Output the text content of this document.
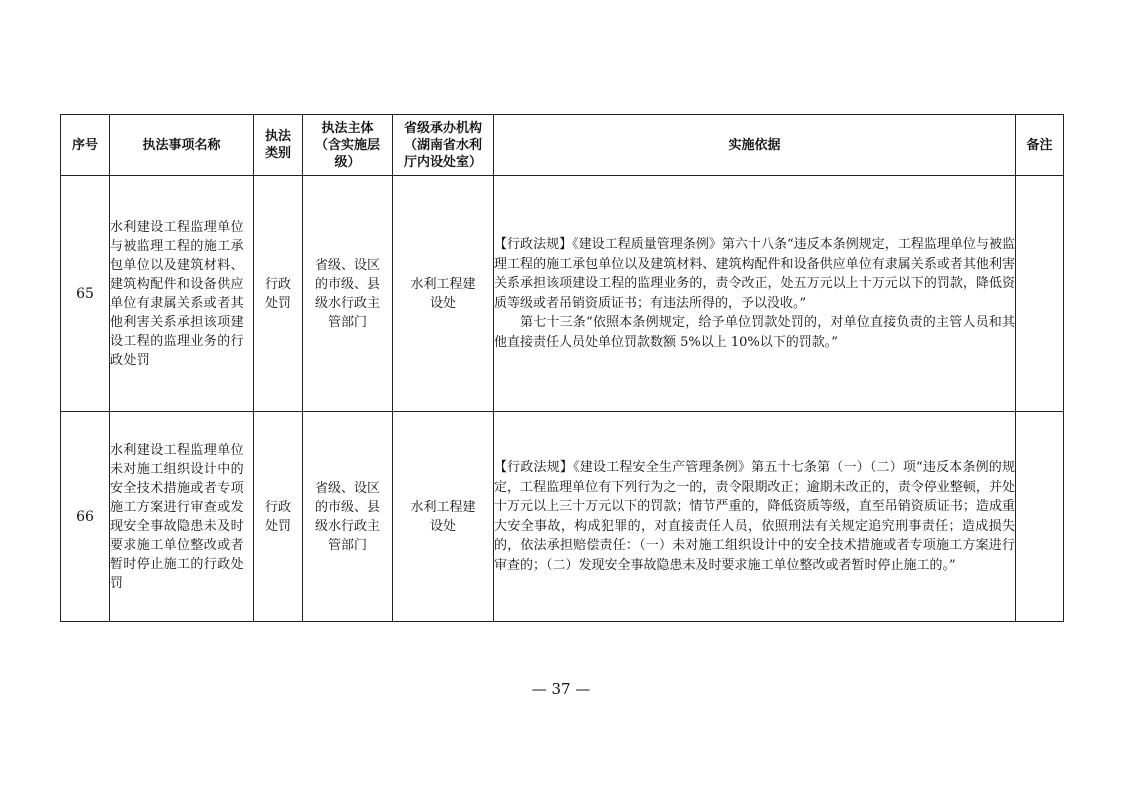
序号	执法事项名称	执法类别	执法主体（含实施层级）	省级承办机构（湖南省水利厅内设处室）	实施依据	备注
65	水利建设工程监理单位与被监理工程的施工承包单位以及建筑材料、建筑构配件和设备供应单位有隶属关系或者其他利害关系承担该项建设工程的监理业务的行政处罚	行政处罚	省级、设区的市级、县级水行政主管部门	水利工程建设处	【行政法规】《建设工程质量管理条例》第六十八条“违反本条例规定，工程监理单位与被监理工程的施工承包单位以及建筑材料、建筑构配件和设备供应单位有隶属关系或者其他利害关系承担该项建设工程的监理业务的，责令改正，处五万元以上十万元以下的罚款，降低资质等级或者吊销资质证书；有违法所得的，予以没收。”

第七十三条“依照本条例规定，给予单位罚款处罚的，对单位直接负责的主管人员和其他直接责任人员处单位罚款数额 5%以上 10%以下的罚款。”	

66	水利建设工程监理单位未对施工组织设计中的安全技术措施或者专项施工方案进行审查或发现安全事故隐患未及时要求施工单位整改或者暂时停止施工的行政处罚	行政处罚	省级、设区的市级、县级水行政主管部门	水利工程建设处	【行政法规】《建设工程安全生产管理条例》第五十七条第（一）（二）项“违反本条例的规定，工程监理单位有下列行为之一的，责令限期改正；逾期未改正的，责令停业整顿，并处十万元以上三十万元以下的罚款；情节严重的，降低资质等级，直至吊销资质证书；造成重大安全事故，构成犯罪的，对直接责任人员，依照刑法有关规定追究刑事责任；造成损失的，依法承担赔偿责任：（一）未对施工组织设计中的安全技术措施或者专项施工方案进行审查的；（二）发现安全事故隐患未及时要求施工单位整改或者暂时停止施工的。”	

— 37 —
